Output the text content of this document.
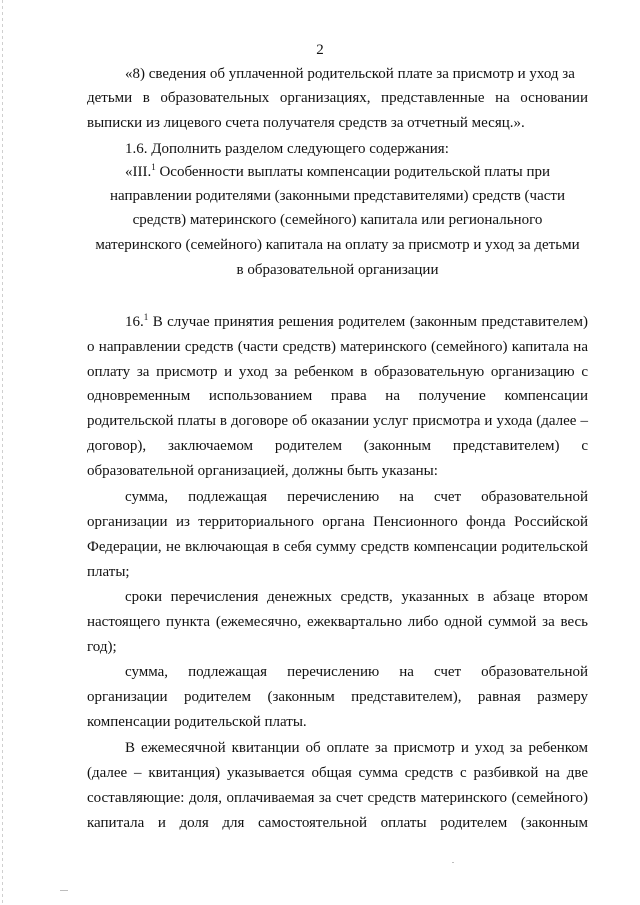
2
«8) сведения об уплаченной родительской плате за присмотр и уход за
детьми в образовательных организациях, представленные на основании
выписки из лицевого счета получателя средств за отчетный месяц.».
1.6. Дополнить разделом следующего содержания:
«III.$^1$ Особенности выплаты компенсации родительской платы при
направлении родителями (законными представителями) средств (части
средств) материнского (семейного) капитала или регионального
материнского (семейного) капитала на оплату за присмотр и уход за детьми
в образовательной организации
16.$^1$ В случае принятия решения родителем (законным представителем)
о направлении средств (части средств) материнского (семейного) капитала на
оплату за присмотр и уход за ребенком в образовательную организацию с
одновременным использованием права на получение компенсации
родительской платы в договоре об оказании услуг присмотра и ухода (далее –
договор), заключаемом родителем (законным представителем) с
образовательной организацией, должны быть указаны:
сумма, подлежащая перечислению на счет образовательной
организации из территориального органа Пенсионного фонда Российской
Федерации, не включающая в себя сумму средств компенсации родительской
платы;
сроки перечисления денежных средств, указанных в абзаце втором
настоящего пункта (ежемесячно, ежеквартально либо одной суммой за весь
год);
сумма, подлежащая перечислению на счет образовательной
организации родителем (законным представителем), равная размеру
компенсации родительской платы.
В ежемесячной квитанции об оплате за присмотр и уход за ребенком
(далее – квитанция) указывается общая сумма средств с разбивкой на две
составляющие: доля, оплачиваемая за счет средств материнского (семейного)
капитала и доля для самостоятельной оплаты родителем (законным
